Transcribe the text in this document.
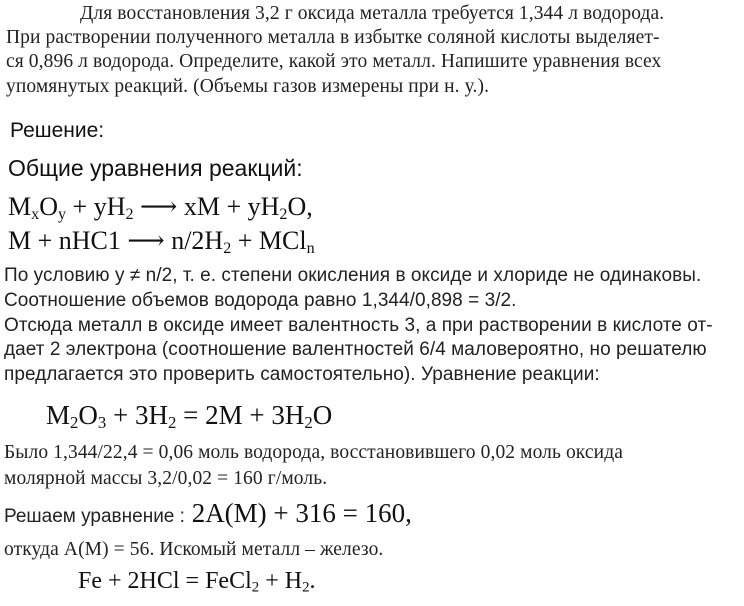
Для восстановления 3,2 г оксида металла требуется 1,344 л водорода.
При растворении полученного металла в избытке соляной кислоты выделяет-
ся 0,896 л водорода. Определите, какой это металл. Напишите уравнения всех
упомянутых реакций. (Объемы газов измерены при н. у.).
Решение:
Общие уравнения реакций:
$M_xO_y + yH_2$ ⟶ xM + $yH_2O$,
M + nHC1 ⟶ $n/2H_2 + MCl_n$
По условию y ≠ n/2, т. е. степени окисления в оксиде и хлориде не одинаковы.
Соотношение объемов водорода равно 1,344/0,898 = 3/2.
Отсюда металл в оксиде имеет валентность 3, а при растворении в кислоте от-
дает 2 электрона (соотношение валентностей 6/4 маловероятно, но решателю
предлагается это проверить самостоятельно). Уравнение реакции:
$M_2O_3 + 3H_2 = 2M + 3H_2O$
Было 1,344/22,4 = 0,06 моль водорода, восстановившего 0,02 моль оксида
молярной массы 3,2/0,02 = 160 г/моль.
Решаем уравнение : 2A(M) + 316 = 160,
откуда A(M) = 56. Искомый металл – железо.
Fe + 2HCl = FeCl$_2$ + $H_2$.
